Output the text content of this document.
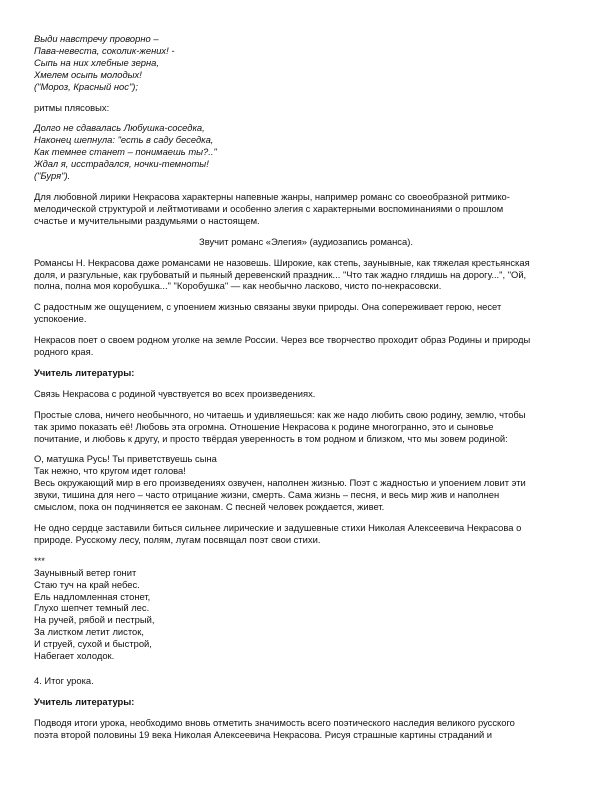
Выди навстречу проворно –
Пава-невеста, соколик-жених! -
Сыпь на них хлебные зерна,
Хмелем осыпь молодых!
("Мороз, Красный нос");
ритмы плясовых:
Долго не сдавалась Любушка-соседка,
Наконец шепнула: "есть в саду беседка,
Как темнее станет – понимаешь ты?.."
Ждал я, исстрадался, ночки-темноты!
("Буря").
Для любовной лирики Некрасова характерны напевные жанры, например романс со своеобразной ритмико-
мелодической структурой и лейтмотивами и особенно элегия с характерными воспоминаниями о прошлом
счастье и мучительными раздумьями о настоящем.
Звучит романс «Элегия» (аудиозапись романса).
Романсы Н. Некрасова даже романсами не назовешь. Широкие, как степь, заунывные, как тяжелая крестьянская
доля, и разгульные, как грубоватый и пьяный деревенский праздник... "Что так жадно глядишь на дорогу...", "Ой,
полна, полна моя коробушка..." "Коробушка" — как необычно ласково, чисто по-некрасовски.
С радостным же ощущением, с упоением жизнью связаны звуки природы. Она сопереживает герою, несет
успокоение.
Некрасов поет о своем родном уголке на земле России. Через все творчество проходит образ Родины и природы
родного края.
Учитель литературы:
Связь Некрасова с родиной чувствуется во всех произведениях.
Простые слова, ничего необычного, но читаешь и удивляешься: как же надо любить свою родину, землю, чтобы
так зримо показать её! Любовь эта огромна. Отношение Некрасова к родине многогранно, это и сыновье
почитание, и любовь к другу, и просто твёрдая уверенность в том родном и близком, что мы зовем родиной:
О, матушка Русь! Ты приветствуешь сына
Так нежно, что кругом идет голова!
Весь окружающий мир в его произведениях озвучен, наполнен жизнью. Поэт с жадностью и упоением ловит эти
звуки, тишина для него – часто отрицание жизни, смерть. Сама жизнь – песня, и весь мир жив и наполнен
смыслом, пока он подчиняется ее законам. С песней человек рождается, живет.
Не одно сердце заставили биться сильнее лирические и задушевные стихи Николая Алексеевича Некрасова о
природе. Русскому лесу, полям, лугам посвящал поэт свои стихи.
***
Заунывный ветер гонит
Стаю туч на край небес.
Ель надломленная стонет,
Глухо шепчет темный лес.
На ручей, рябой и пестрый,
За листком летит листок,
И струей, сухой и быстрой,
Набегает холодок.
4. Итог урока.
Учитель литературы:
Подводя итоги урока, необходимо вновь отметить значимость всего поэтического наследия великого русского
поэта второй половины 19 века Николая Алексеевича Некрасова. Рисуя страшные картины страданий и
